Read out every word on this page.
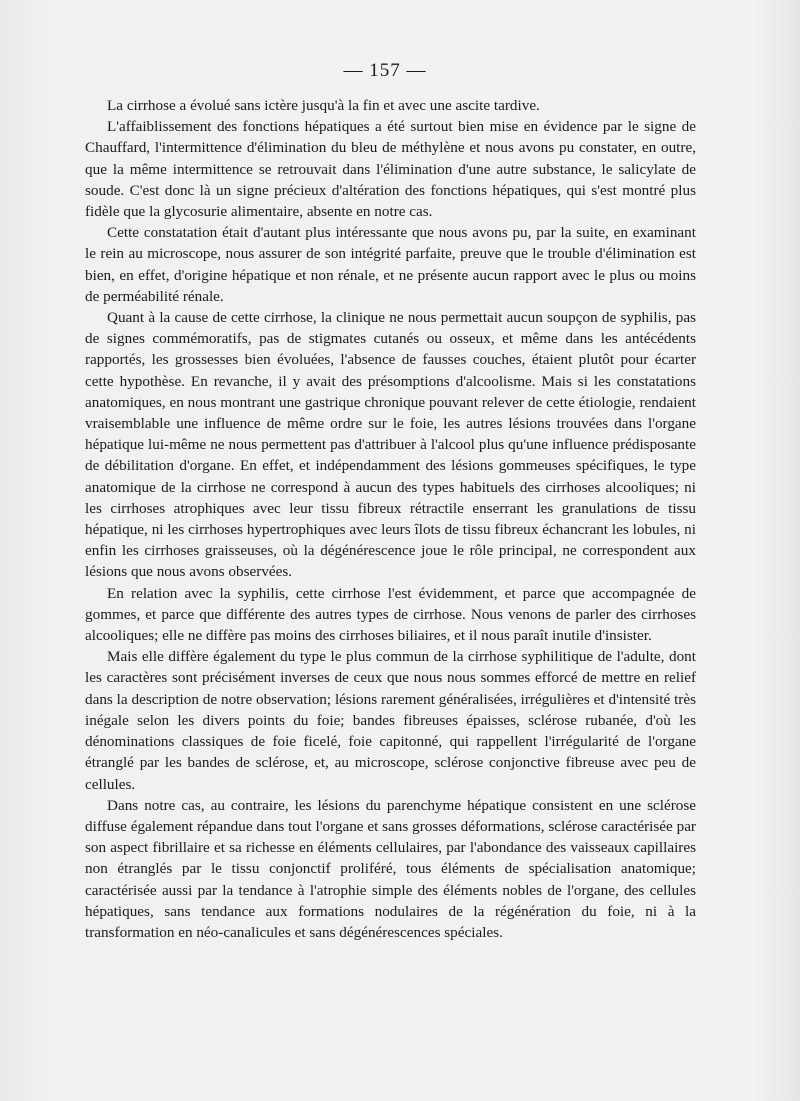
— 157 —

La cirrhose a évolué sans ictère jusqu'à la fin et avec une ascite tardive.

L'affaiblissement des fonctions hépatiques a été surtout bien mise en évidence par le signe de Chauffard, l'intermittence d'élimination du bleu de méthylène et nous avons pu constater, en outre, que la même intermittence se retrouvait dans l'élimination d'une autre substance, le salicylate de soude. C'est donc là un signe précieux d'altération des fonctions hépatiques, qui s'est montré plus fidèle que la glycosurie alimentaire, absente en notre cas.

Cette constatation était d'autant plus intéressante que nous avons pu, par la suite, en examinant le rein au microscope, nous assurer de son intégrité parfaite, preuve que le trouble d'élimination est bien, en effet, d'origine hépatique et non rénale, et ne présente aucun rapport avec le plus ou moins de perméabilité rénale.

Quant à la cause de cette cirrhose, la clinique ne nous permettait aucun soupçon de syphilis, pas de signes commémoratifs, pas de stigmates cutanés ou osseux, et même dans les antécédents rapportés, les grossesses bien évoluées, l'absence de fausses couches, étaient plutôt pour écarter cette hypothèse. En revanche, il y avait des présomptions d'alcoolisme. Mais si les constatations anatomiques, en nous montrant une gastrique chronique pouvant relever de cette étiologie, rendaient vraisemblable une influence de même ordre sur le foie, les autres lésions trouvées dans l'organe hépatique lui-même ne nous permettent pas d'attribuer à l'alcool plus qu'une influence prédisposante de débilitation d'organe. En effet, et indépendamment des lésions gommeuses spécifiques, le type anatomique de la cirrhose ne correspond à aucun des types habituels des cirrhoses alcooliques; ni les cirrhoses atrophiques avec leur tissu fibreux rétractile enserrant les granulations de tissu hépatique, ni les cirrhoses hypertrophiques avec leurs îlots de tissu fibreux échancrant les lobules, ni enfin les cirrhoses graisseuses, où la dégénérescence joue le rôle principal, ne correspondent aux lésions que nous avons observées.

En relation avec la syphilis, cette cirrhose l'est évidemment, et parce que accompagnée de gommes, et parce que différente des autres types de cirrhose. Nous venons de parler des cirrhoses alcooliques; elle ne diffère pas moins des cirrhoses biliaires, et il nous paraît inutile d'insister.

Mais elle diffère également du type le plus commun de la cirrhose syphilitique de l'adulte, dont les caractères sont précisément inverses de ceux que nous nous sommes efforcé de mettre en relief dans la description de notre observation; lésions rarement généralisées, irrégulières et d'intensité très inégale selon les divers points du foie; bandes fibreuses épaisses, sclérose rubanée, d'où les dénominations classiques de foie ficelé, foie capitonné, qui rappellent l'irrégularité de l'organe étranglé par les bandes de sclérose, et, au microscope, sclérose conjonctive fibreuse avec peu de cellules.

Dans notre cas, au contraire, les lésions du parenchyme hépatique consistent en une sclérose diffuse également répandue dans tout l'organe et sans grosses déformations, sclérose caractérisée par son aspect fibrillaire et sa richesse en éléments cellulaires, par l'abondance des vaisseaux capillaires non étranglés par le tissu conjonctif proliféré, tous éléments de spécialisation anatomique; caractérisée aussi par la tendance à l'atrophie simple des éléments nobles de l'organe, des cellules hépatiques, sans tendance aux formations nodulaires de la régénération du foie, ni à la transformation en néo-canalicules et sans dégénérescences spéciales.
